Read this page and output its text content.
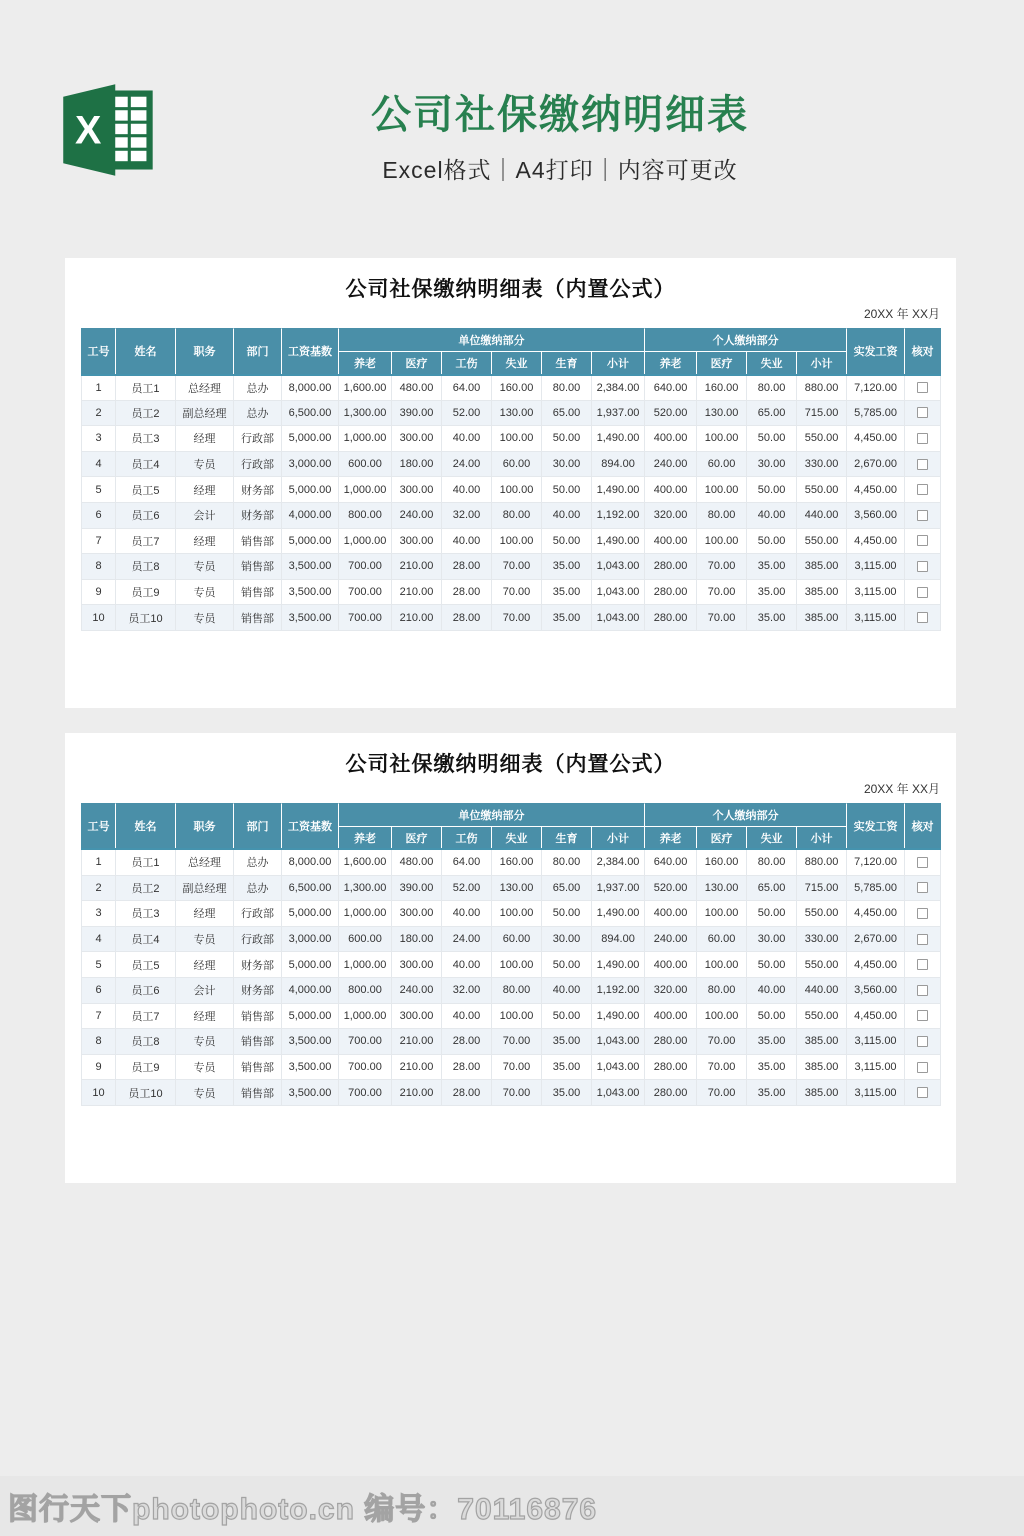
X	公司社保缴纳明细表
Excel格式｜A4打印｜内容可更改
公司社保缴纳明细表（内置公式）
20XX 年 XX月
工号	姓名	职务	部门	工资基数	单位缴纳部分						个人缴纳部分				实发工资	核对
					养老	医疗	工伤	失业	生育	小计	养老	医疗	失业	小计		
1	员工1	总经理	总办	8,000.00	1,600.00	480.00	64.00	160.00	80.00	2,384.00	640.00	160.00	80.00	880.00	7,120.00	
2	员工2	副总经理	总办	6,500.00	1,300.00	390.00	52.00	130.00	65.00	1,937.00	520.00	130.00	65.00	715.00	5,785.00	
3	员工3	经理	行政部	5,000.00	1,000.00	300.00	40.00	100.00	50.00	1,490.00	400.00	100.00	50.00	550.00	4,450.00	
4	员工4	专员	行政部	3,000.00	600.00	180.00	24.00	60.00	30.00	894.00	240.00	60.00	30.00	330.00	2,670.00	
5	员工5	经理	财务部	5,000.00	1,000.00	300.00	40.00	100.00	50.00	1,490.00	400.00	100.00	50.00	550.00	4,450.00	
6	员工6	会计	财务部	4,000.00	800.00	240.00	32.00	80.00	40.00	1,192.00	320.00	80.00	40.00	440.00	3,560.00	
7	员工7	经理	销售部	5,000.00	1,000.00	300.00	40.00	100.00	50.00	1,490.00	400.00	100.00	50.00	550.00	4,450.00	
8	员工8	专员	销售部	3,500.00	700.00	210.00	28.00	70.00	35.00	1,043.00	280.00	70.00	35.00	385.00	3,115.00	
9	员工9	专员	销售部	3,500.00	700.00	210.00	28.00	70.00	35.00	1,043.00	280.00	70.00	35.00	385.00	3,115.00	
10	员工10	专员	销售部	3,500.00	700.00	210.00	28.00	70.00	35.00	1,043.00	280.00	70.00	35.00	385.00	3,115.00	
公司社保缴纳明细表（内置公式）
20XX 年 XX月
工号	姓名	职务	部门	工资基数	单位缴纳部分						个人缴纳部分				实发工资	核对
					养老	医疗	工伤	失业	生育	小计	养老	医疗	失业	小计		
1	员工1	总经理	总办	8,000.00	1,600.00	480.00	64.00	160.00	80.00	2,384.00	640.00	160.00	80.00	880.00	7,120.00	
2	员工2	副总经理	总办	6,500.00	1,300.00	390.00	52.00	130.00	65.00	1,937.00	520.00	130.00	65.00	715.00	5,785.00	
3	员工3	经理	行政部	5,000.00	1,000.00	300.00	40.00	100.00	50.00	1,490.00	400.00	100.00	50.00	550.00	4,450.00	
4	员工4	专员	行政部	3,000.00	600.00	180.00	24.00	60.00	30.00	894.00	240.00	60.00	30.00	330.00	2,670.00	
5	员工5	经理	财务部	5,000.00	1,000.00	300.00	40.00	100.00	50.00	1,490.00	400.00	100.00	50.00	550.00	4,450.00	
6	员工6	会计	财务部	4,000.00	800.00	240.00	32.00	80.00	40.00	1,192.00	320.00	80.00	40.00	440.00	3,560.00	
7	员工7	经理	销售部	5,000.00	1,000.00	300.00	40.00	100.00	50.00	1,490.00	400.00	100.00	50.00	550.00	4,450.00	
8	员工8	专员	销售部	3,500.00	700.00	210.00	28.00	70.00	35.00	1,043.00	280.00	70.00	35.00	385.00	3,115.00	
9	员工9	专员	销售部	3,500.00	700.00	210.00	28.00	70.00	35.00	1,043.00	280.00	70.00	35.00	385.00	3,115.00	
10	员工10	专员	销售部	3,500.00	700.00	210.00	28.00	70.00	35.00	1,043.00	280.00	70.00	35.00	385.00	3,115.00	
图行天下photophoto.cn 编号：70116876
